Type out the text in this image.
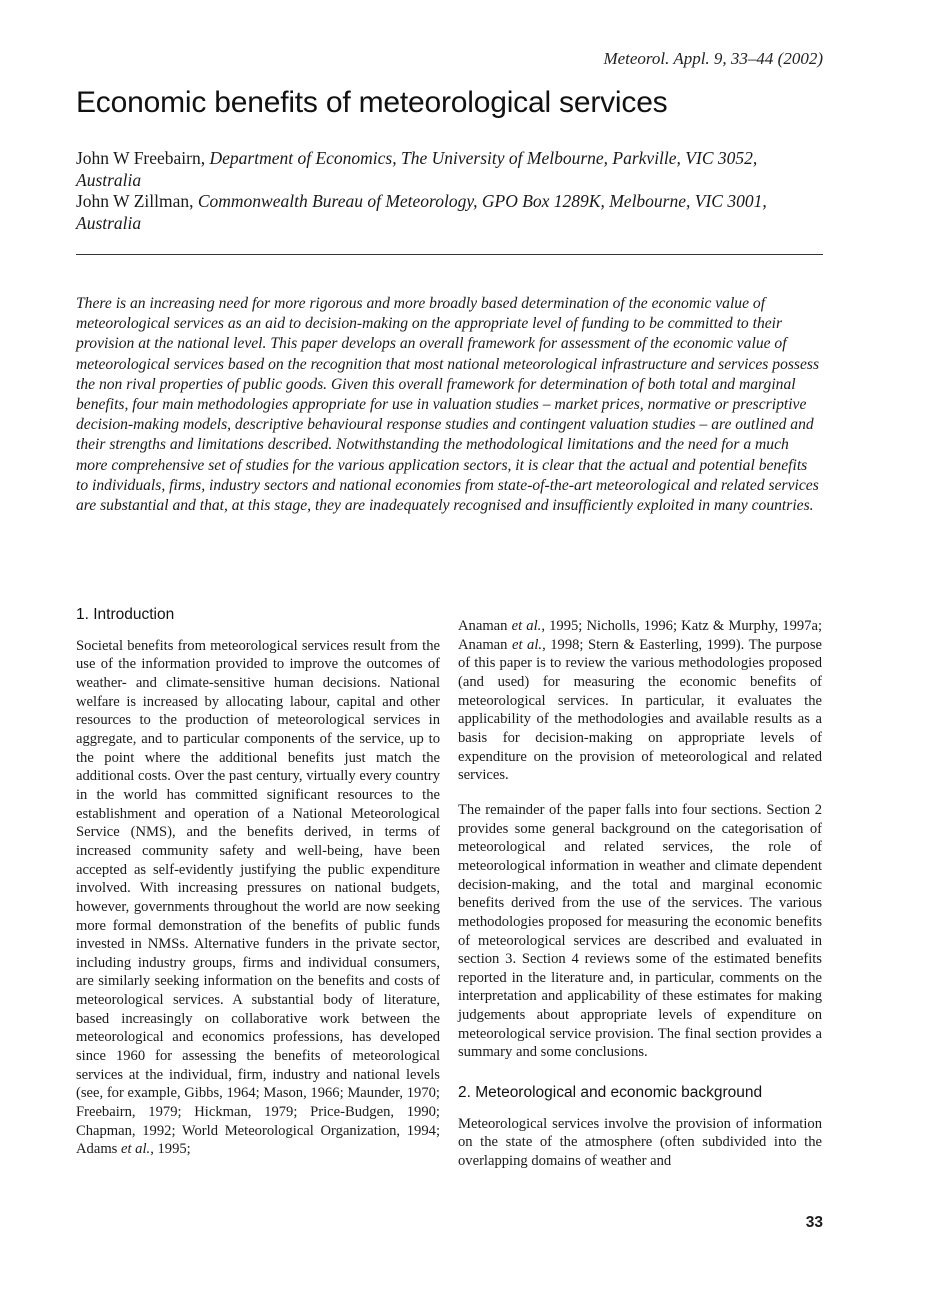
Meteorol. Appl. 9, 33–44 (2002)
Economic benefits of meteorological services
John W Freebairn, Department of Economics, The University of Melbourne, Parkville, VIC 3052, Australia
John W Zillman, Commonwealth Bureau of Meteorology, GPO Box 1289K, Melbourne, VIC 3001, Australia

There is an increasing need for more rigorous and more broadly based determination of the economic value of meteorological services as an aid to decision-making on the appropriate level of funding to be committed to their provision at the national level. This paper develops an overall framework for assessment of the economic value of meteorological services based on the recognition that most national meteorological infrastructure and services possess the non rival properties of public goods. Given this overall framework for determination of both total and marginal benefits, four main methodologies appropriate for use in valuation studies – market prices, normative or prescriptive decision-making models, descriptive behavioural response studies and contingent valuation studies – are outlined and their strengths and limitations described. Notwithstanding the methodological limitations and the need for a much more comprehensive set of studies for the various application sectors, it is clear that the actual and potential benefits to individuals, firms, industry sectors and national economies from state-of-the-art meteorological and related services are substantial and that, at this stage, they are inadequately recognised and insufficiently exploited in many countries.

1. Introduction

Societal benefits from meteorological services result from the use of the information provided to improve the outcomes of weather- and climate-sensitive human decisions. National welfare is increased by allocating labour, capital and other resources to the production of meteorological services in aggregate, and to particular components of the service, up to the point where the additional benefits just match the additional costs. Over the past century, virtually every country in the world has committed significant resources to the establishment and operation of a National Meteorological Service (NMS), and the benefits derived, in terms of increased community safety and well-being, have been accepted as self-evidently justifying the public expenditure involved. With increasing pressures on national budgets, however, governments throughout the world are now seeking more formal demonstration of the benefits of public funds invested in NMSs. Alternative funders in the private sector, including industry groups, firms and individual consumers, are similarly seeking information on the benefits and costs of meteorological services. A substantial body of literature, based increasingly on collaborative work between the meteorological and economics professions, has developed since 1960 for assessing the benefits of meteorological services at the individual, firm, industry and national levels (see, for example, Gibbs, 1964; Mason, 1966; Maunder, 1970; Freebairn, 1979; Hickman, 1979; Price-Budgen, 1990; Chapman, 1992; World Meteorological Organization, 1994; Adams et al., 1995;

Anaman et al., 1995; Nicholls, 1996; Katz & Murphy, 1997a; Anaman et al., 1998; Stern & Easterling, 1999). The purpose of this paper is to review the various methodologies proposed (and used) for measuring the economic benefits of meteorological services. In particular, it evaluates the applicability of the methodologies and available results as a basis for decision-making on appropriate levels of expenditure on the provision of meteorological and related services.

The remainder of the paper falls into four sections. Section 2 provides some general background on the categorisation of meteorological and related services, the role of meteorological information in weather and climate dependent decision-making, and the total and marginal economic benefits derived from the use of the services. The various methodologies proposed for measuring the economic benefits of meteorological services are described and evaluated in section 3. Section 4 reviews some of the estimated benefits reported in the literature and, in particular, comments on the interpretation and applicability of these estimates for making judgements about appropriate levels of expenditure on meteorological service provision. The final section provides a summary and some conclusions.

2. Meteorological and economic background

Meteorological services involve the provision of information on the state of the atmosphere (often subdivided into the overlapping domains of weather and

33
